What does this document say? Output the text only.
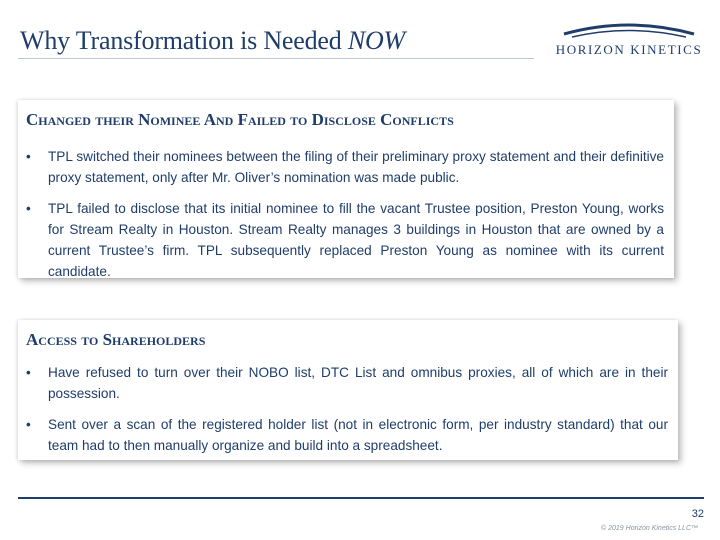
Why Transformation is Needed NOW	HORIZON KINETICS
Changed their Nominee And Failed to Disclose Conflicts
• TPL switched their nominees between the filing of their preliminary proxy statement and their definitive proxy statement, only after Mr. Oliver’s nomination was made public.
• TPL failed to disclose that its initial nominee to fill the vacant Trustee position, Preston Young, works for Stream Realty in Houston. Stream Realty manages 3 buildings in Houston that are owned by a current Trustee’s firm. TPL subsequently replaced Preston Young as nominee with its current candidate.
Access to Shareholders
• Have refused to turn over their NOBO list, DTC List and omnibus proxies, all of which are in their possession.
• Sent over a scan of the registered holder list (not in electronic form, per industry standard) that our team had to then manually organize and build into a spreadsheet.
32
© 2019 Horizon Kinetics LLC™
